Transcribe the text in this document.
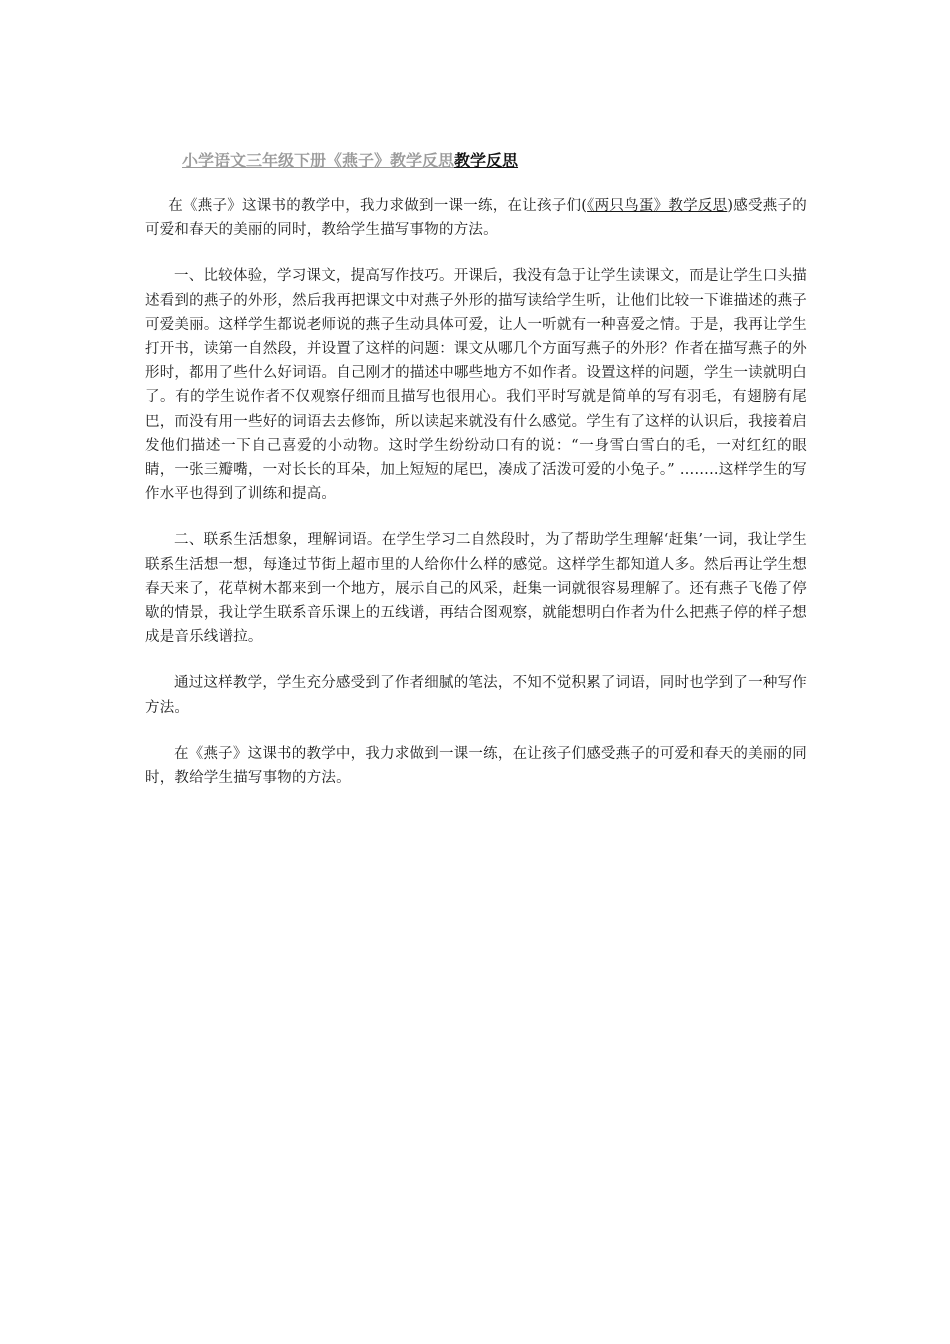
小学语文三年级下册《燕子》教学反思教学反思

在《燕子》这课书的教学中，我力求做到一课一练，在让孩子们(《两只鸟蛋》教学反思)感受燕子的可爱和春天的美丽的同时，教给学生描写事物的方法。

一、比较体验，学习课文，提高写作技巧。开课后，我没有急于让学生读课文，而是让学生口头描述看到的燕子的外形，然后我再把课文中对燕子外形的描写读给学生听，让他们比较一下谁描述的燕子可爱美丽。这样学生都说老师说的燕子生动具体可爱，让人一听就有一种喜爱之情。于是，我再让学生打开书，读第一自然段，并设置了这样的问题：课文从哪几个方面写燕子的外形？作者在描写燕子的外形时，都用了些什么好词语。自己刚才的描述中哪些地方不如作者。设置这样的问题，学生一读就明白了。有的学生说作者不仅观察仔细而且描写也很用心。我们平时写就是简单的写有羽毛，有翅膀有尾巴，而没有用一些好的词语去去修饰，所以读起来就没有什么感觉。学生有了这样的认识后，我接着启发他们描述一下自己喜爱的小动物。这时学生纷纷动口有的说：“一身雪白雪白的毛，一对红红的眼睛，一张三瓣嘴，一对长长的耳朵，加上短短的尾巴，凑成了活泼可爱的小兔子。” ……..这样学生的写作水平也得到了训练和提高。

二、联系生活想象，理解词语。在学生学习二自然段时，为了帮助学生理解‘赶集’一词，我让学生联系生活想一想，每逢过节街上超市里的人给你什么样的感觉。这样学生都知道人多。然后再让学生想春天来了，花草树木都来到一个地方，展示自己的风采，赶集一词就很容易理解了。还有燕子飞倦了停歇的情景，我让学生联系音乐课上的五线谱，再结合图观察，就能想明白作者为什么把燕子停的样子想成是音乐线谱拉。

通过这样教学，学生充分感受到了作者细腻的笔法，不知不觉积累了词语，同时也学到了一种写作方法。

在《燕子》这课书的教学中，我力求做到一课一练，在让孩子们感受燕子的可爱和春天的美丽的同时，教给学生描写事物的方法。
